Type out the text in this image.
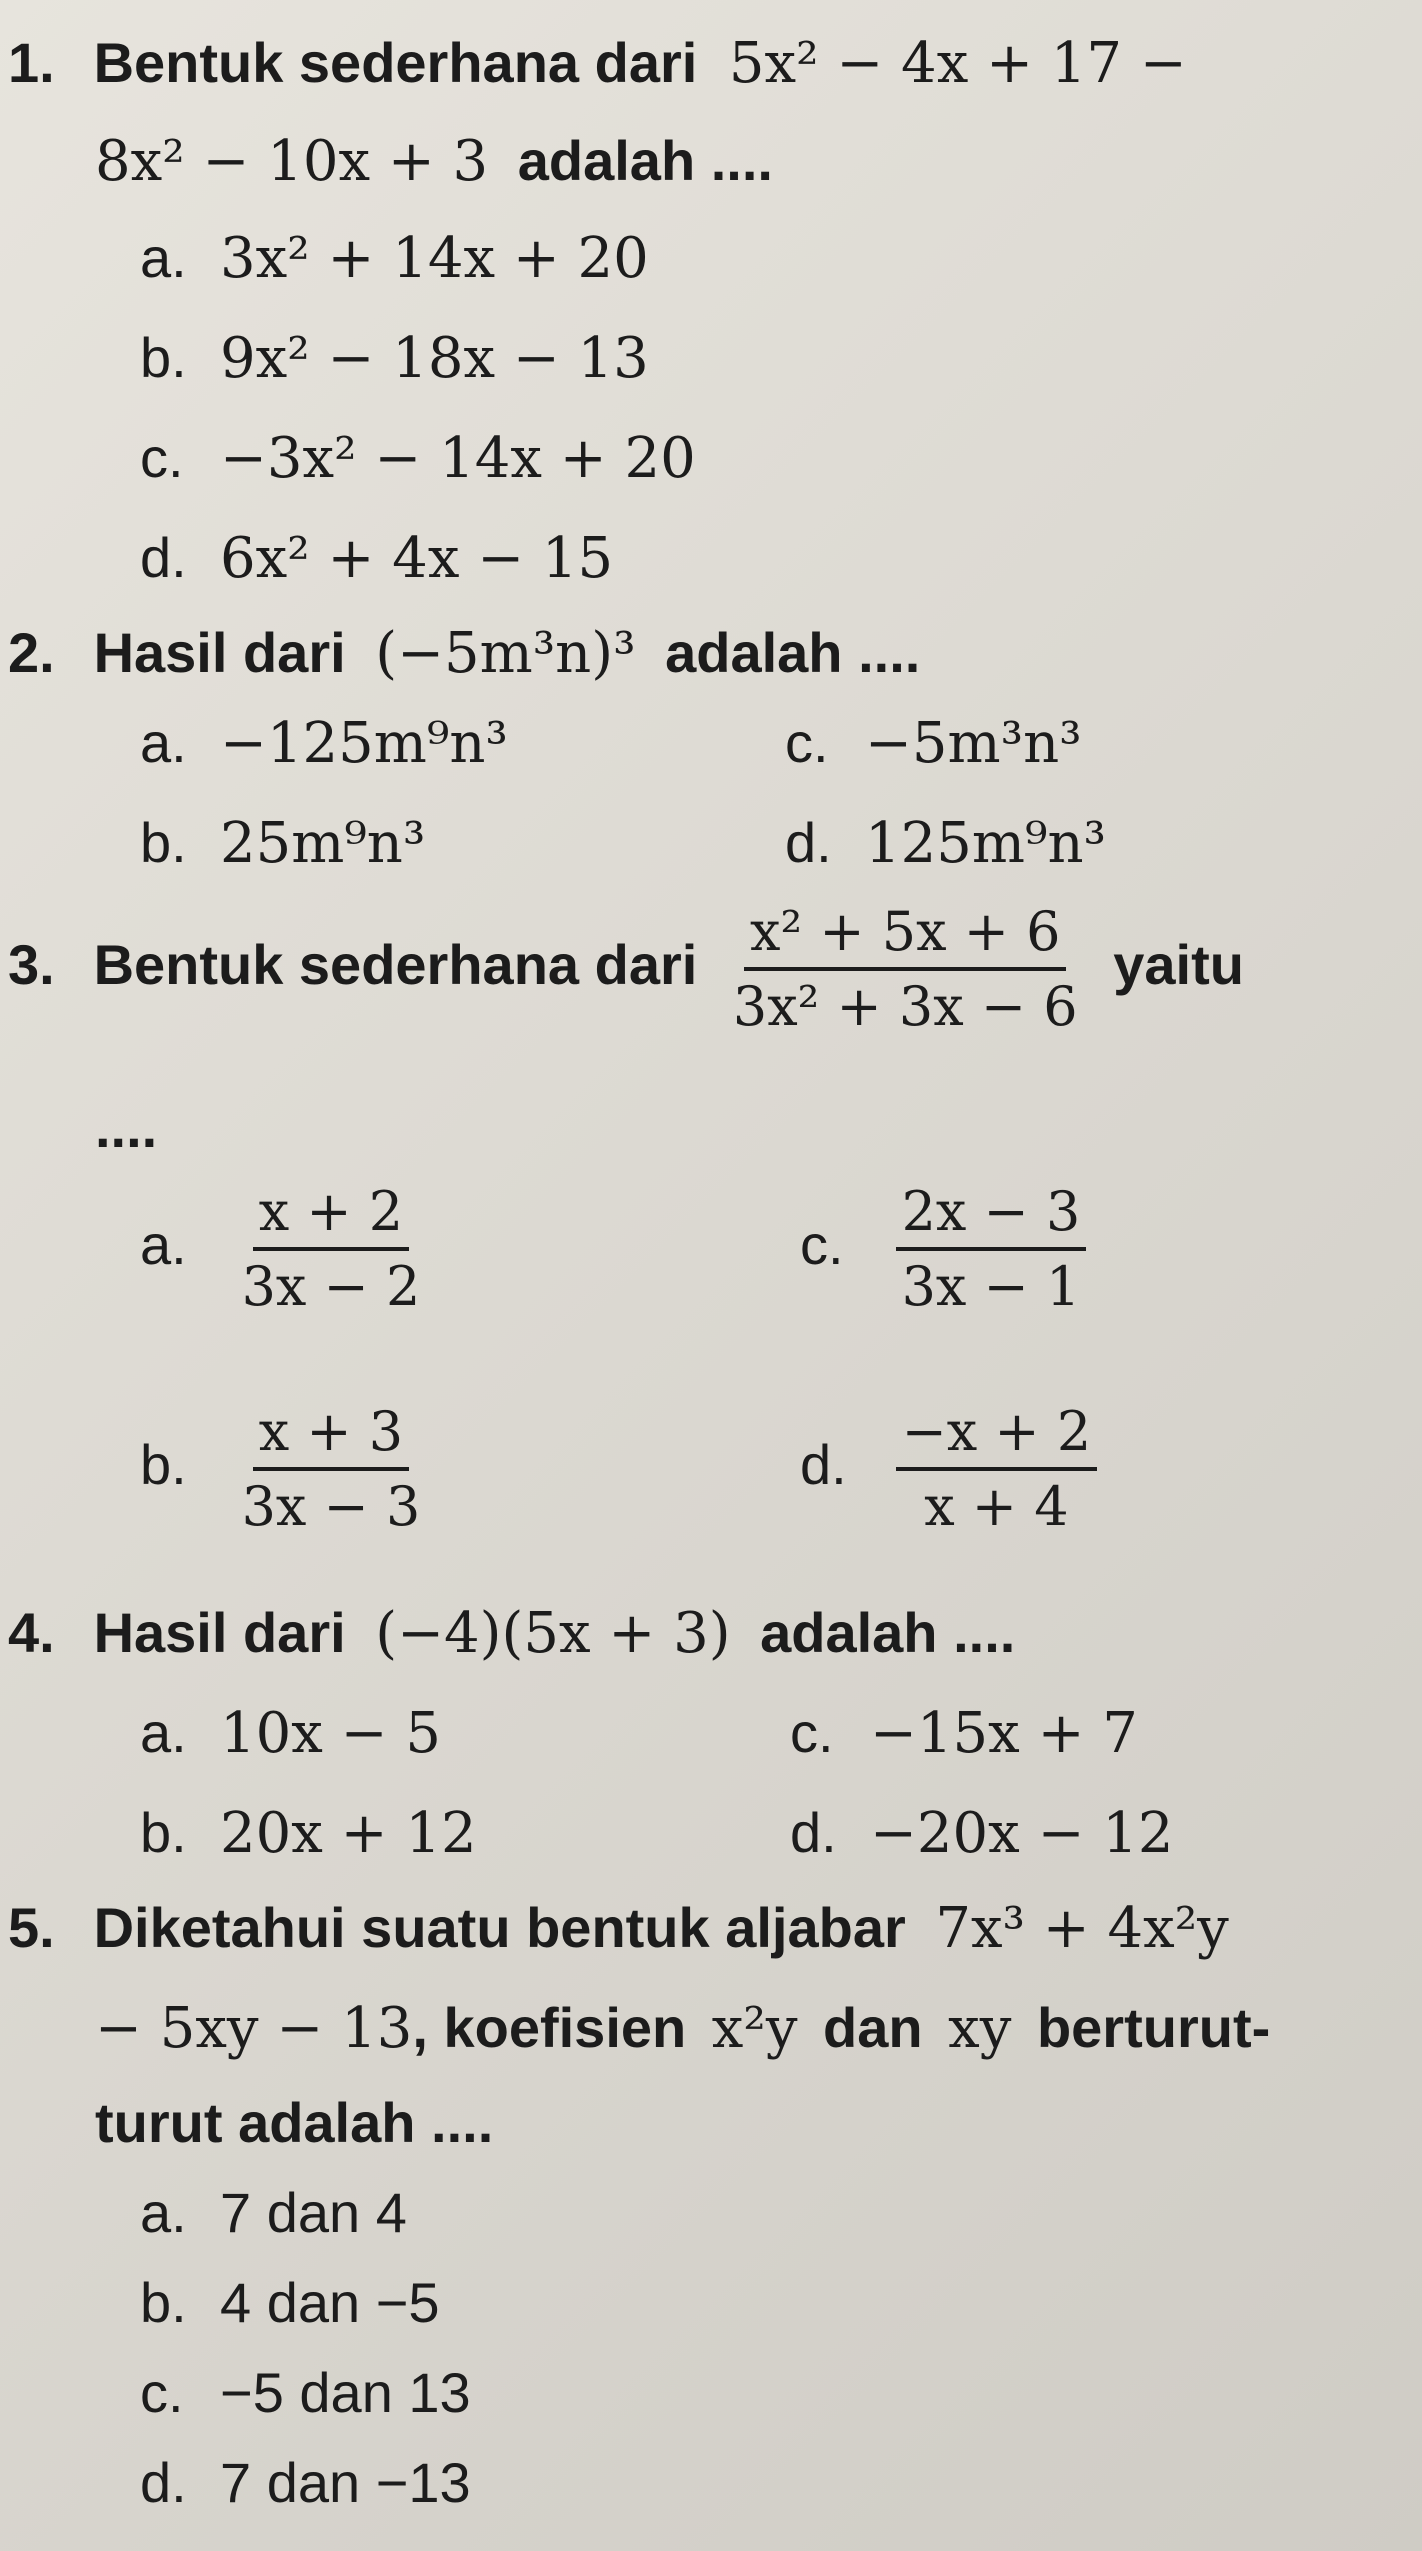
1. Bentuk sederhana dari 5x² − 4x + 17 −
8x² − 10x + 3 adalah ....
a. 3x² + 14x + 20
b. 9x² − 18x − 13
c. −3x² − 14x + 20
d. 6x² + 4x − 15
2. Hasil dari (−5m³n)³ adalah ....
a. −125m⁹n³
b. 25m⁹n³
c. −5m³n³
d. 125m⁹n³
3. Bentuk sederhana dari $\frac{\text{x² + 5x + 6}}{\text{3x² + 3x − 6}}$ yaitu
....
a. $\frac{x + 2}{3x - 2}$
b. $\frac{x + 3}{3x - 3}$
c. $\frac{2x - 3}{3x - 1}$
d. $\frac{-x + 2}{x + 4}$
4. Hasil dari (−4)(5x + 3) adalah ....
a. 10x − 5
b. 20x + 12
c. −15x + 7
d. −20x − 12
5. Diketahui suatu bentuk aljabar 7x³ + 4x²y
− 5xy − 13, koefisien x²y dan xy berturut-
turut adalah ....
a. 7 dan 4
b. 4 dan −5
c. −5 dan 13
d. 7 dan −13
